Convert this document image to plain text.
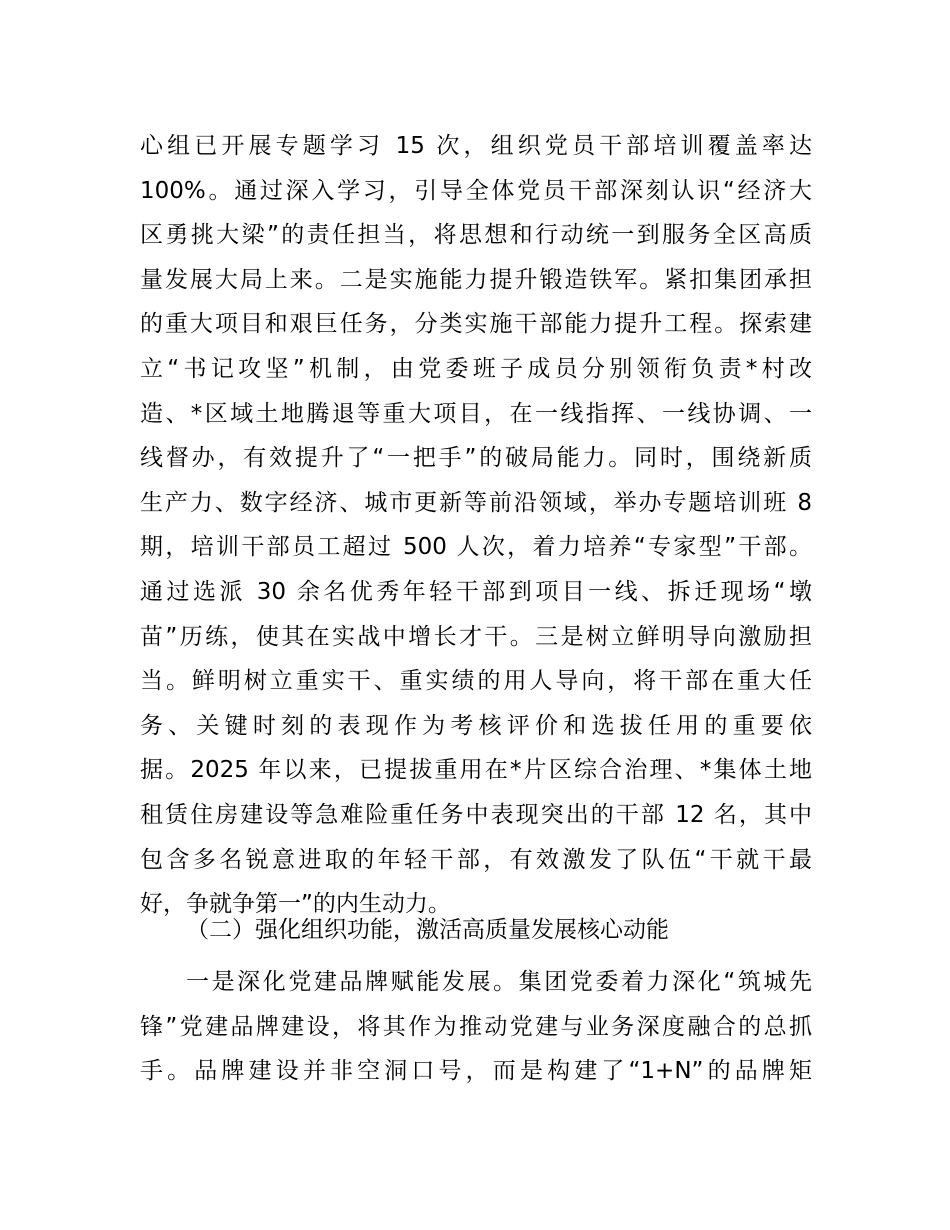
心组已开展专题学习 15 次，组织党员干部培训覆盖率达
100%。通过深入学习，引导全体党员干部深刻认识“经济大
区勇挑大梁”的责任担当，将思想和行动统一到服务全区高质
量发展大局上来。二是实施能力提升锻造铁军。紧扣集团承担
的重大项目和艰巨任务，分类实施干部能力提升工程。探索建
立“书记攻坚”机制，由党委班子成员分别领衔负责*村改
造、*区域土地腾退等重大项目，在一线指挥、一线协调、一
线督办，有效提升了“一把手”的破局能力。同时，围绕新质
生产力、数字经济、城市更新等前沿领域，举办专题培训班 8
期，培训干部员工超过 500 人次，着力培养“专家型”干部。
通过选派 30 余名优秀年轻干部到项目一线、拆迁现场“墩
苗”历练，使其在实战中增长才干。三是树立鲜明导向激励担
当。鲜明树立重实干、重实绩的用人导向，将干部在重大任
务、关键时刻的表现作为考核评价和选拔任用的重要依
据。2025 年以来，已提拔重用在*片区综合治理、*集体土地
租赁住房建设等急难险重任务中表现突出的干部 12 名，其中
包含多名锐意进取的年轻干部，有效激发了队伍“干就干最
好，争就争第一”的内生动力。
（二）强化组织功能，激活高质量发展核心动能
一是深化党建品牌赋能发展。集团党委着力深化“筑城先
锋”党建品牌建设，将其作为推动党建与业务深度融合的总抓
手。品牌建设并非空洞口号，而是构建了“1+N”的品牌矩
